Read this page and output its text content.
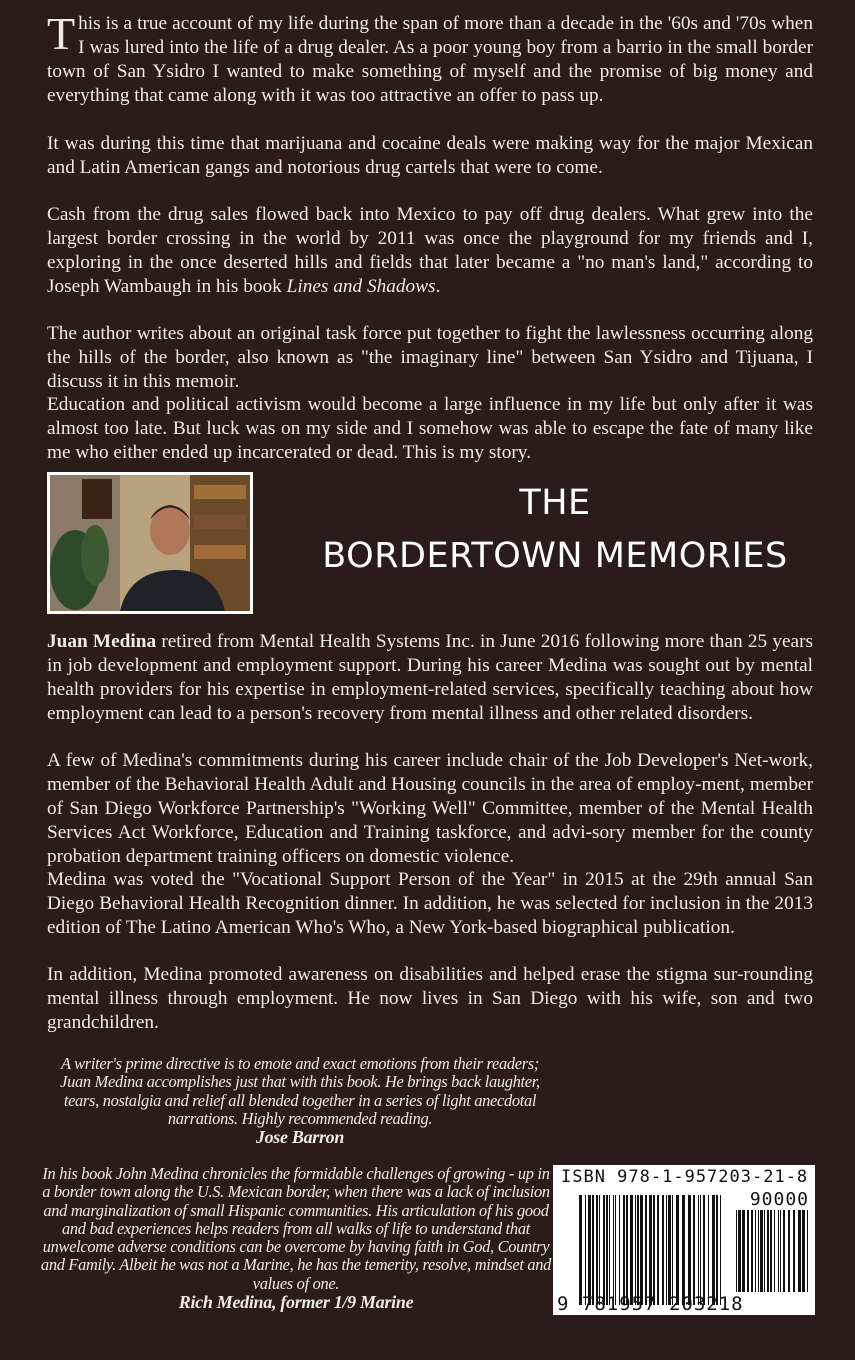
This is a true account of my life during the span of more than a decade in the '60s and '70s when I was lured into the life of a drug dealer. As a poor young boy from a barrio in the small border town of San Ysidro I wanted to make something of myself and the promise of big money and everything that came along with it was too attractive an offer to pass up.

It was during this time that marijuana and cocaine deals were making way for the major Mexican and Latin American gangs and notorious drug cartels that were to come.

Cash from the drug sales flowed back into Mexico to pay off drug dealers. What grew into the largest border crossing in the world by 2011 was once the playground for my friends and I, exploring in the once deserted hills and fields that later became a "no man's land," according to Joseph Wambaugh in his book Lines and Shadows.

The author writes about an original task force put together to fight the lawlessness occurring along the hills of the border, also known as "the imaginary line" between San Ysidro and Tijuana, I discuss it in this memoir.

Education and political activism would become a large influence in my life but only after it was almost too late. But luck was on my side and I somehow was able to escape the fate of many like me who either ended up incarcerated or dead. This is my story.

THE
BORDERTOWN MEMORIES

Juan Medina retired from Mental Health Systems Inc. in June 2016 following more than 25 years in job development and employment support. During his career Medina was sought out by mental health providers for his expertise in employment-related services, specifically teaching about how employment can lead to a person's recovery from mental illness and other related disorders.

A few of Medina's commitments during his career include chair of the Job Developer's Net-work, member of the Behavioral Health Adult and Housing councils in the area of employ-ment, member of San Diego Workforce Partnership's "Working Well" Committee, member of the Mental Health Services Act Workforce, Education and Training taskforce, and advi-sory member for the county probation department training officers on domestic violence.

Medina was voted the "Vocational Support Person of the Year" in 2015 at the 29th annual San Diego Behavioral Health Recognition dinner. In addition, he was selected for inclusion in the 2013 edition of The Latino American Who's Who, a New York-based biographical publication.

In addition, Medina promoted awareness on disabilities and helped erase the stigma sur-rounding mental illness through employment. He now lives in San Diego with his wife, son and two grandchildren.

A writer's prime directive is to emote and exact emotions from their readers; Juan Medina accomplishes just that with this book. He brings back laughter, tears, nostalgia and relief all blended together in a series of light anecdotal narrations. Highly recommended reading.
Jose Barron
In his book John Medina chronicles the formidable challenges of growing - up in a border town along the U.S. Mexican border, when there was a lack of inclusion and marginalization of small Hispanic communities. His articulation of his good and bad experiences helps readers from all walks of life to understand that unwelcome adverse conditions can be overcome by having faith in God, Country and Family. Albeit he was not a Marine, he has the temerity, resolve, mindset and values of one.
Rich Medina, former 1/9 Marine
ISBN 978-1-957203-21-8
90000
9 781957 203218
